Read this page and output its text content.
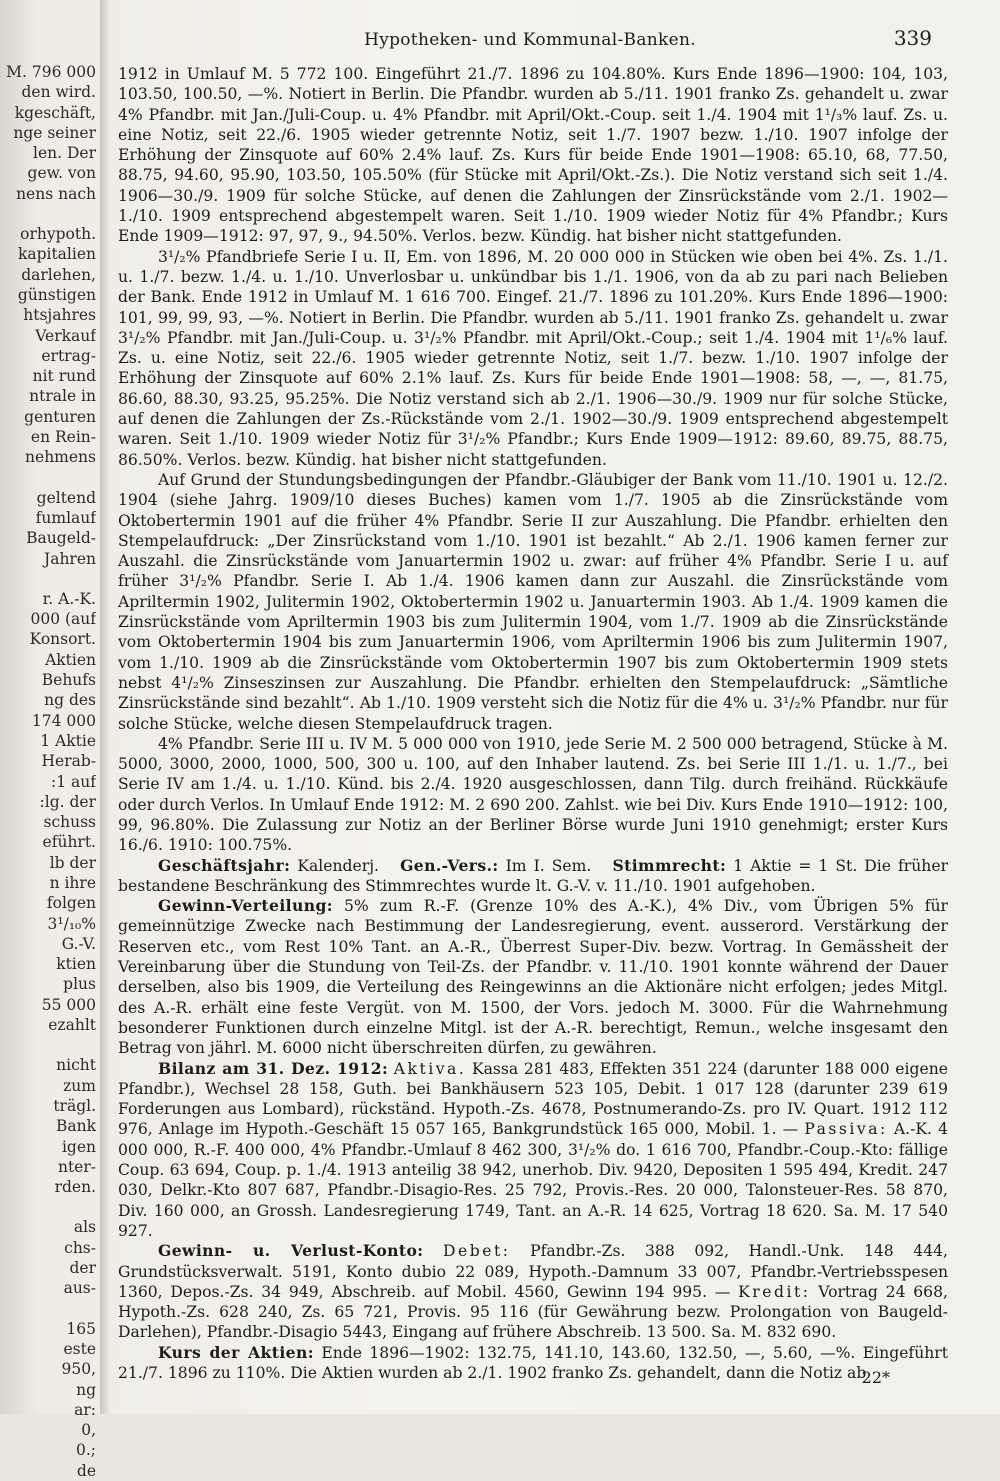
M. 796 000
den wird.
kgeschäft,
nge seiner
len. Der
gew. von
nens nach
orhypoth.
kapitalien
darlehen,
günstigen
htsjahres
Verkauf
ertrag-
nit rund
ntrale in
genturen
en Rein-
nehmens
geltend
fumlauf
Baugeld-
Jahren
r. A.-K.
000 (auf
Konsort.
Aktien
Behufs
ng des
174 000
1 Aktie
Herab-
:1 auf
:lg. der
schuss
eführt.
lb der
n ihre
folgen
3¹/₁₀%
G.-V.
ktien
plus
55 000
ezahlt
nicht
zum
trägl.
Bank
igen
nter-
rden.
als
chs-
der
aus-
165
este
950,
ng
ar:
0,
0.;
de
Hypotheken- und Kommunal-Banken.	339

1912 in Umlauf M. 5 772 100. Eingeführt 21./7. 1896 zu 104.80%. Kurs Ende 1896—1900: 104, 103, 103.50, 100.50, —%. Notiert in Berlin. Die Pfandbr. wurden ab 5./11. 1901 franko Zs. gehandelt u. zwar 4% Pfandbr. mit Jan./Juli-Coup. u. 4% Pfandbr. mit April/Okt.-Coup. seit 1./4. 1904 mit 1¹/₃% lauf. Zs. u. eine Notiz, seit 22./6. 1905 wieder getrennte Notiz, seit 1./7. 1907 bezw. 1./10. 1907 infolge der Erhöhung der Zinsquote auf 60% 2.4% lauf. Zs. Kurs für beide Ende 1901—1908: 65.10, 68, 77.50, 88.75, 94.60, 95.90, 103.50, 105.50% (für Stücke mit April/Okt.-Zs.). Die Notiz verstand sich seit 1./4. 1906—30./9. 1909 für solche Stücke, auf denen die Zahlungen der Zinsrückstände vom 2./1. 1902—1./10. 1909 entsprechend abgestempelt waren. Seit 1./10. 1909 wieder Notiz für 4% Pfandbr.; Kurs Ende 1909—1912: 97, 97, 9., 94.50%. Verlos. bezw. Kündig. hat bisher nicht stattgefunden.

3¹/₂% Pfandbriefe Serie I u. II, Em. von 1896, M. 20 000 000 in Stücken wie oben bei 4%. Zs. 1./1. u. 1./7. bezw. 1./4. u. 1./10. Unverlosbar u. unkündbar bis 1./1. 1906, von da ab zu pari nach Belieben der Bank. Ende 1912 in Umlauf M. 1 616 700. Eingef. 21./7. 1896 zu 101.20%. Kurs Ende 1896—1900: 101, 99, 99, 93, —%. Notiert in Berlin. Die Pfandbr. wurden ab 5./11. 1901 franko Zs. gehandelt u. zwar 3¹/₂% Pfandbr. mit Jan./Juli-Coup. u. 3¹/₂% Pfandbr. mit April/Okt.-Coup.; seit 1./4. 1904 mit 1¹/₆% lauf. Zs. u. eine Notiz, seit 22./6. 1905 wieder getrennte Notiz, seit 1./7. bezw. 1./10. 1907 infolge der Erhöhung der Zinsquote auf 60% 2.1% lauf. Zs. Kurs für beide Ende 1901—1908: 58, —, —, 81.75, 86.60, 88.30, 93.25, 95.25%. Die Notiz verstand sich ab 2./1. 1906—30./9. 1909 nur für solche Stücke, auf denen die Zahlungen der Zs.-Rückstände vom 2./1. 1902—30./9. 1909 entsprechend abgestempelt waren. Seit 1./10. 1909 wieder Notiz für 3¹/₂% Pfandbr.; Kurs Ende 1909—1912: 89.60, 89.75, 88.75, 86.50%. Verlos. bezw. Kündig. hat bisher nicht stattgefunden.

Auf Grund der Stundungsbedingungen der Pfandbr.-Gläubiger der Bank vom 11./10. 1901 u. 12./2. 1904 (siehe Jahrg. 1909/10 dieses Buches) kamen vom 1./7. 1905 ab die Zinsrückstände vom Oktobertermin 1901 auf die früher 4% Pfandbr. Serie II zur Auszahlung. Die Pfandbr. erhielten den Stempelaufdruck: „Der Zinsrückstand vom 1./10. 1901 ist bezahlt.“ Ab 2./1. 1906 kamen ferner zur Auszahl. die Zinsrückstände vom Januartermin 1902 u. zwar: auf früher 4% Pfandbr. Serie I u. auf früher 3¹/₂% Pfandbr. Serie I. Ab 1./4. 1906 kamen dann zur Auszahl. die Zinsrückstände vom Apriltermin 1902, Julitermin 1902, Oktobertermin 1902 u. Januartermin 1903. Ab 1./4. 1909 kamen die Zinsrückstände vom Apriltermin 1903 bis zum Julitermin 1904, vom 1./7. 1909 ab die Zinsrückstände vom Oktobertermin 1904 bis zum Januartermin 1906, vom Apriltermin 1906 bis zum Julitermin 1907, vom 1./10. 1909 ab die Zinsrückstände vom Oktobertermin 1907 bis zum Oktobertermin 1909 stets nebst 4¹/₂% Zinseszinsen zur Auszahlung. Die Pfandbr. erhielten den Stempelaufdruck: „Sämtliche Zinsrückstände sind bezahlt“. Ab 1./10. 1909 versteht sich die Notiz für die 4% u. 3¹/₂% Pfandbr. nur für solche Stücke, welche diesen Stempelaufdruck tragen.

4% Pfandbr. Serie III u. IV M. 5 000 000 von 1910, jede Serie M. 2 500 000 betragend, Stücke à M. 5000, 3000, 2000, 1000, 500, 300 u. 100, auf den Inhaber lautend. Zs. bei Serie III 1./1. u. 1./7., bei Serie IV am 1./4. u. 1./10. Künd. bis 2./4. 1920 ausgeschlossen, dann Tilg. durch freihänd. Rückkäufe oder durch Verlos. In Umlauf Ende 1912: M. 2 690 200. Zahlst. wie bei Div. Kurs Ende 1910—1912: 100, 99, 96.80%. Die Zulassung zur Notiz an der Berliner Börse wurde Juni 1910 genehmigt; erster Kurs 16./6. 1910: 100.75%.

Geschäftsjahr: Kalenderj. Gen.-Vers.: Im I. Sem. Stimmrecht: 1 Aktie = 1 St. Die früher bestandene Beschränkung des Stimmrechtes wurde lt. G.-V. v. 11./10. 1901 aufgehoben.

Gewinn-Verteilung: 5% zum R.-F. (Grenze 10% des A.-K.), 4% Div., vom Übrigen 5% für gemeinnützige Zwecke nach Bestimmung der Landesregierung, event. ausserord. Verstärkung der Reserven etc., vom Rest 10% Tant. an A.-R., Überrest Super-Div. bezw. Vortrag. In Gemässheit der Vereinbarung über die Stundung von Teil-Zs. der Pfandbr. v. 11./10. 1901 konnte während der Dauer derselben, also bis 1909, die Verteilung des Reingewinns an die Aktionäre nicht erfolgen; jedes Mitgl. des A.-R. erhält eine feste Vergüt. von M. 1500, der Vors. jedoch M. 3000. Für die Wahrnehmung besonderer Funktionen durch einzelne Mitgl. ist der A.-R. berechtigt, Remun., welche insgesamt den Betrag von jährl. M. 6000 nicht überschreiten dürfen, zu gewähren.

Bilanz am 31. Dez. 1912: Aktiva. Kassa 281 483, Effekten 351 224 (darunter 188 000 eigene Pfandbr.), Wechsel 28 158, Guth. bei Bankhäusern 523 105, Debit. 1 017 128 (darunter 239 619 Forderungen aus Lombard), rückständ. Hypoth.-Zs. 4678, Postnumerando-Zs. pro IV. Quart. 1912 112 976, Anlage im Hypoth.-Geschäft 15 057 165, Bankgrundstück 165 000, Mobil. 1. — Passiva: A.-K. 4 000 000, R.-F. 400 000, 4% Pfandbr.-Umlauf 8 462 300, 3¹/₂% do. 1 616 700, Pfandbr.-Coup.-Kto: fällige Coup. 63 694, Coup. p. 1./4. 1913 anteilig 38 942, unerhob. Div. 9420, Depositen 1 595 494, Kredit. 247 030, Delkr.-Kto 807 687, Pfandbr.-Disagio-Res. 25 792, Provis.-Res. 20 000, Talonsteuer-Res. 58 870, Div. 160 000, an Grossh. Landesregierung 1749, Tant. an A.-R. 14 625, Vortrag 18 620. Sa. M. 17 540 927.

Gewinn- u. Verlust-Konto: Debet: Pfandbr.-Zs. 388 092, Handl.-Unk. 148 444, Grundstücksverwalt. 5191, Konto dubio 22 089, Hypoth.-Damnum 33 007, Pfandbr.-Vertriebsspesen 1360, Depos.-Zs. 34 949, Abschreib. auf Mobil. 4560, Gewinn 194 995. — Kredit: Vortrag 24 668, Hypoth.-Zs. 628 240, Zs. 65 721, Provis. 95 116 (für Gewährung bezw. Prolongation von Baugeld-Darlehen), Pfandbr.-Disagio 5443, Eingang auf frühere Abschreib. 13 500. Sa. M. 832 690.

Kurs der Aktien: Ende 1896—1902: 132.75, 141.10, 143.60, 132.50, —, 5.60, —%. Eingeführt 21./7. 1896 zu 110%. Die Aktien wurden ab 2./1. 1902 franko Zs. gehandelt, dann die Notiz ab

22*
